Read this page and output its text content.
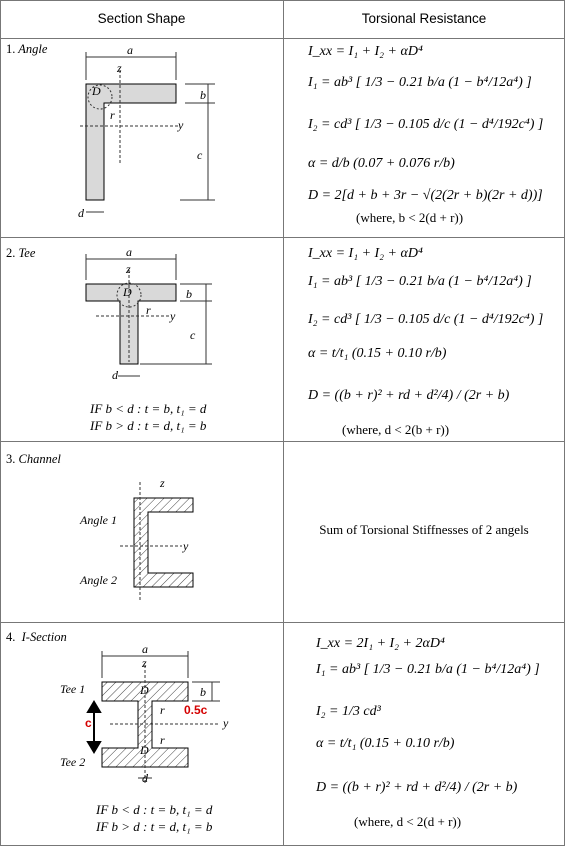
Section Shape	Torsional Resistance
1. Angle
2. Tee
3. Channel
4. I-Section
a
z
D
r
b
y
c
d
a
z
D
r
b
y
c
d
IF b < d : t = b, t₁ = d
IF b > d : t = d, t₁ = b
z
y
Angle 1
Angle 2
Sum of Torsional Stiffnesses of 2 angels
a
z
Tee 1
Tee 2
D
D
r
r
b
y
0.5c
c
d
IF b < d : t = b, t₁ = d
IF b > d : t = d, t₁ = b
I_xx = I₁ + I₂ + αD⁴
I₁ = ab³ [ 1/3 − 0.21 b/a (1 − b⁴/12a⁴) ]
I₂ = cd³ [ 1/3 − 0.105 d/c (1 − d⁴/192c⁴) ]
α = d/b (0.07 + 0.076 r/b)
D = 2[d + b + 3r − √(2(2r + b)(2r + d))]
(where, b < 2(d + r))
I_xx = I₁ + I₂ + αD⁴
I₁ = ab³ [ 1/3 − 0.21 b/a (1 − b⁴/12a⁴) ]
I₂ = cd³ [ 1/3 − 0.105 d/c (1 − d⁴/192c⁴) ]
α = t/t₁ (0.15 + 0.10 r/b)
D = ((b + r)² + rd + d²/4) / (2r + b)
(where, d < 2(b + r))
I_xx = 2I₁ + I₂ + 2αD⁴
I₁ = ab³ [ 1/3 − 0.21 b/a (1 − b⁴/12a⁴) ]
I₂ = 1/3 cd³
α = t/t₁ (0.15 + 0.10 r/b)
D = ((b + r)² + rd + d²/4) / (2r + b)
(where, d < 2(d + r))
